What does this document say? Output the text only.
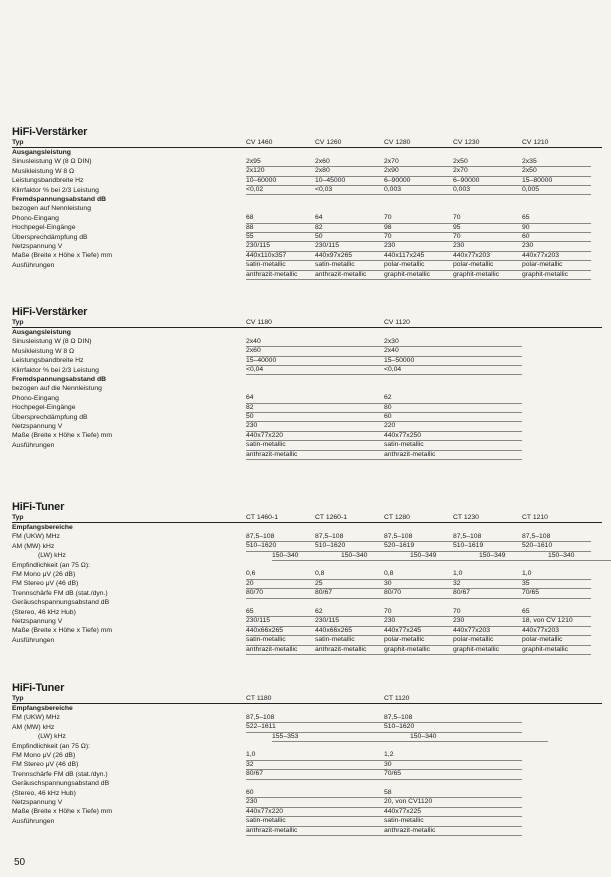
HiFi-Verstärker
Typ	CV 1460	CV 1260	CV 1280	CV 1230	CV 1210
Ausgangsleistung
Sinusleistung W (8 Ω DIN)	2x95	2x60	2x70	2x50	2x35
Musikleistung W 8 Ω	2x120	2x80	2x90	2x70	2x50
Leistungsbandbreite Hz	10–60000	10–45000	6–90000	6–90000	15–80000
Klirrfaktor % bei 2/3 Leistung	<0,02	<0,03	0,003	0,003	0,005
Fremdspannungsabstand dB
bezogen auf Nennleistung
Phono-Eingang	68	64	70	70	65
Hochpegel-Eingänge	88	82	98	95	90
Übersprechdämpfung dB	55	50	70	70	60
Netzspannung V	230/115	230/115	230	230	230
Maße (Breite x Höhe x Tiefe) mm	440x110x357	440x97x265	440x117x245	440x77x203	440x77x203
Ausführungen	satin-metallic	satin-metallic	polar-metallic	polar-metallic	polar-metallic
anthrazit-metallic	anthrazit-metallic	graphit-metallic	graphit-metallic	graphit-metallic
HiFi-Verstärker
Typ	CV 1180	CV 1120
Ausgangsleistung
Sinusleistung W (8 Ω DIN)	2x40	2x30
Musikleistung W 8 Ω	2x60	2x40
Leistungsbandbreite Hz	15–40000	15–50000
Klirrfaktor % bei 2/3 Leistung	<0,04	<0,04
Fremdspannungsabstand dB
bezogen auf die Nennleistung
Phono-Eingang	64	62
Hochpegel-Eingänge	82	80
Übersprechdämpfung dB	50	60
Netzspannung V	230	220
Maße (Breite x Höhe x Tiefe) mm	440x77x220	440x77x250
Ausführungen	satin-metallic	satin-metallic
anthrazit-metallic	anthrazit-metallic
HiFi-Tuner
Typ	CT 1460-1	CT 1260-1	CT 1280	CT 1230	CT 1210
Empfangsbereiche
FM (UKW) MHz	87,5–108	87,5–108	87,5–108	87,5–108	87,5–108
AM (MW) kHz	510–1620	510–1620	520–1619	510–1619	520–1610
(LW) kHz	150–340	150–340	150–349	150–349	150–340
Empfindlichkeit (an 75 Ω):
FM Mono μV (26 dB)	0,6	0,8	0,8	1,0	1,0
FM Stereo μV (46 dB)	20	25	30	32	35
Trennschärfe FM dB (stat./dyn.)	80/70	80/67	80/70	80/67	70/65
Geräuschspannungsabstand dB
(Stereo, 46 kHz Hub)	65	62	70	70	65
Netzspannung V	230/115	230/115	230	230	18, von CV 1210
Maße (Breite x Höhe x Tiefe) mm	440x66x265	440x66x265	440x77x245	440x77x203	440x77x203
Ausführungen	satin-metallic	satin-metallic	polar-metallic	polar-metallic	polar-metallic
anthrazit-metallic	anthrazit-metallic	graphit-metallic	graphit-metallic	graphit-metallic
HiFi-Tuner
Typ	CT 1180	CT 1120
Empfangsbereiche
FM (UKW) MHz	87,5–108	87,5–108
AM (MW) kHz	522–1611	510–1620
(LW) kHz	155–353	150–340
Empfindlichkeit (an 75 Ω):
FM Mono μV (26 dB)	1,0	1,2
FM Stereo μV (46 dB)	32	30
Trennschärfe FM dB (stat./dyn.)	80/67	70/65
Geräuschspannungsabstand dB
(Stereo, 46 kHz Hub)	60	58
Netzspannung V	230	20, von CV1120
Maße (Breite x Höhe x Tiefe) mm	440x77x220	440x77x225
Ausführungen	satin-metallic	satin-metallic
anthrazit-metallic	anthrazit-metallic
50
